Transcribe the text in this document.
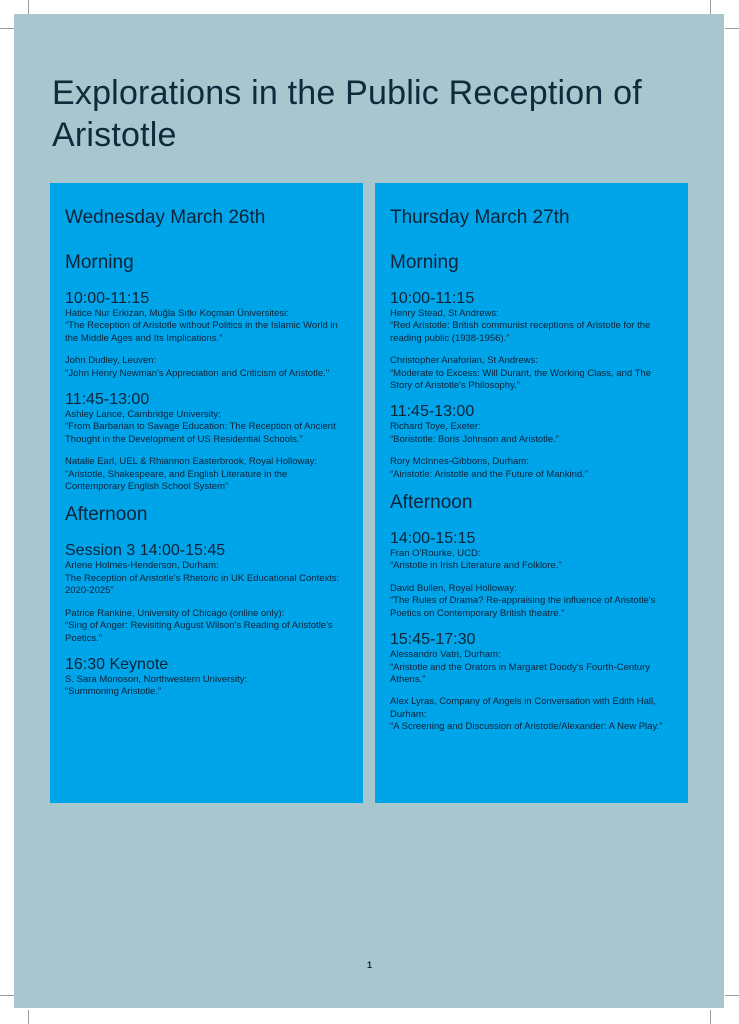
Explorations in the Public Reception of Aristotle
Wednesday March 26th
Morning
10:00-11:15
Hatice Nur Erkizan, Muğla Sıtkı Koçman Üniversitesi:
“The Reception of Aristotle without Politics in the Islamic World in the Middle Ages and Its Implications.”
John Dudley, Leuven:
"John Henry Newman's Appreciation and Criticism of Aristotle."
11:45-13:00
Ashley Lance, Cambridge University:
“From Barbarian to Savage Education: The Reception of Ancient Thought in the Development of US Residential Schools.”
Natalie Earl, UEL & Rhiannon Easterbrook, Royal Holloway:
“Aristotle, Shakespeare, and English Literature in the Contemporary English School System”
Afternoon
Session 3 14:00-15:45
Arlene Holmes-Henderson, Durham:
The Reception of Aristotle's Rhetoric in UK Educational Contexts: 2020-2025”
Patrice Rankine, University of Chicago (online only):
“Sing of Anger: Revisiting August Wilson's Reading of Aristotle's Poetics.”
16:30 Keynote
S. Sara Monoson, Northwestern University:
“Summoning Aristotle.”
Thursday March 27th
Morning
10:00-11:15
Henry Stead, St Andrews:
“Red Aristotle: British communist receptions of Aristotle for the reading public (1938-1956).”
Christopher Anaforian, St Andrews:
“Moderate to Excess: Will Durant, the Working Class, and The Story of Aristotle's Philosophy.”
11:45-13:00
Richard Toye, Exeter:
“Boristotle: Boris Johnson and Aristotle.”
Rory McInnes-Gibbons, Durham:
“Airistotle: Aristotle and the Future of Mankind.”
Afternoon
14:00-15:15
Fran O'Rourke, UCD:
“Aristotle in Irish Literature and Folklore.”
David Bullen, Royal Holloway:
“The Rules of Drama? Re-appraising the influence of Aristotle's Poetics on Contemporary British theatre.”
15:45-17:30
Alessandro Vatri, Durham:
“Aristotle and the Orators in Margaret Doody's Fourth-Century Athens.”
Alex Lyras, Company of Angels in Conversation with Edith Hall, Durham:
“A Screening and Discussion of Aristotle/Alexander: A New Play.”
1
